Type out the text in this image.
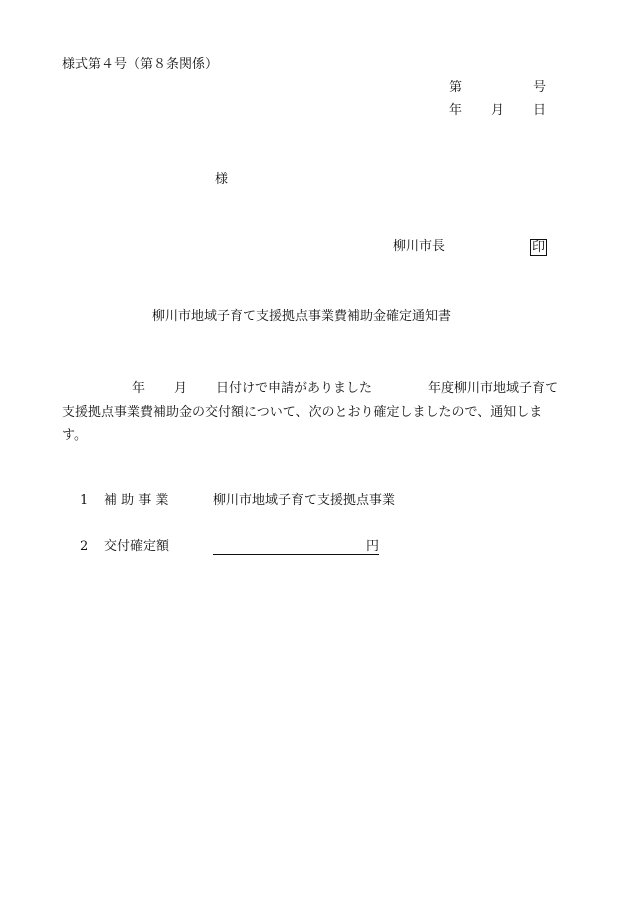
様式第４号（第８条関係）
第	号
年 月 日
様
柳川市長	印
柳川市地域子育て支援拠点事業費補助金確定通知書
年 月 日付けで申請がありました	年度柳川市地域子育て支援拠点事業費補助金の交付額について、次のとおり確定しましたので、通知します。
1 補 助 事 業	柳川市地域子育て支援拠点事業
2 交付確定額	円
